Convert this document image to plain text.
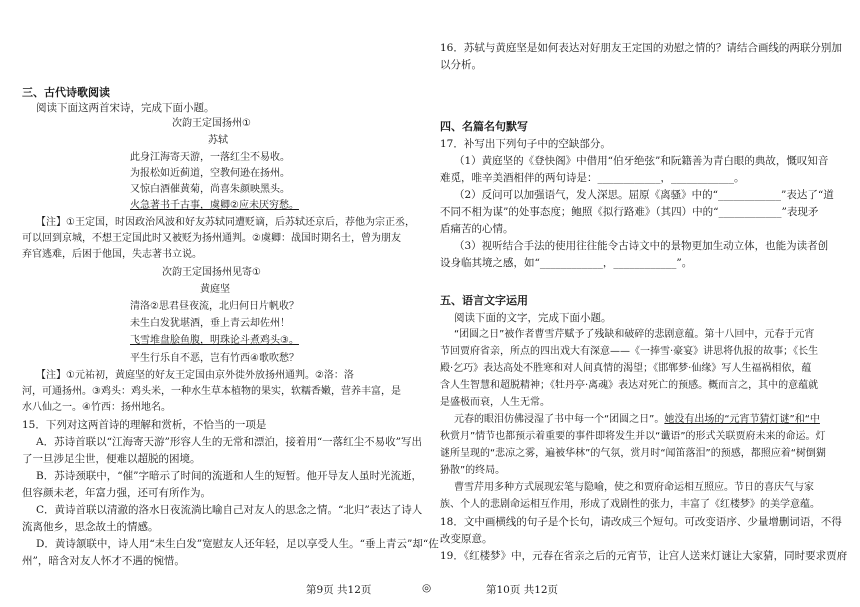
三、古代诗歌阅读
阅读下面这两首宋诗，完成下面小题。
次韵王定国扬州①
苏轼
此身江海寄天游，一落红尘不易收。
为报松如近蓟道，空教何逊在扬州。
又惊白酒催黄菊，尚喜朱颜映黑头。
火急著书千古事，虞卿②应未厌穷愁。
【注】①王定国，时因政治风波和好友苏轼同遭贬谪，后苏轼还京后，荐他为宗正丞，
可以回到京城，不想王定国此时又被贬为扬州通判。②虞卿：战国时期名士，曾为朋友
弃官逃难，后困于他国，失志著书立说。
次韵王定国扬州见寄①
黄庭坚
清洛②思君昼夜流，北归何日片帆收？
未生白发犹堪酒，垂上青云却佐州！
飞雪堆盘脍鱼腹，明珠论斗煮鸡头③。
平生行乐自不恶，岂有竹西④歌吹愁？
【注】①元祐初，黄庭坚的好友王定国由京外徙外放扬州通判。②洛：洛
河，可通扬州。③鸡头：鸡头米，一种水生草本植物的果实，软糯香嫩，营养丰富，是
水八仙之一。④竹西：扬州地名。
15．下列对这两首诗的理解和赏析，不恰当的一项是
A．苏诗首联以“江海寄天游”形容人生的无常和漂泊，接着用“一落红尘不易收”写出
了一旦涉足尘世，便难以超脱的困境。
B．苏诗颈联中，“催”字暗示了时间的流逝和人生的短暂。他开导友人虽时光流逝，
但容颜未老，年富力强，还可有所作为。
C．黄诗首联以清澈的洛水日夜流淌比喻自己对友人的思念之情。“北归”表达了诗人
流离他乡，思念故土的情感。
D．黄诗颔联中，诗人用“未生白发”宽慰友人还年轻，足以享受人生。“垂上青云”却“佐
州”，暗含对友人怀才不遇的惋惜。
第9页 共12页	◎	第10页 共12页
16．苏轼与黄庭坚是如何表达对好朋友王定国的劝慰之情的？请结合画线的两联分别加
以分析。
四、名篇名句默写
17．补写出下列句子中的空缺部分。
（1）黄庭坚的《登快阁》中借用“伯牙绝弦”和阮籍善为青白眼的典故，慨叹知音
难觅，唯辛美酒相伴的两句诗是：____________，____________。
（2）反问可以加强语气，发人深思。屈原《离骚》中的“____________”表达了“道
不同不相为谋”的处事态度；鲍照《拟行路难》（其四）中的“____________”表现矛
盾痛苦的心情。
（3）视听结合手法的使用往往能令古诗文中的景物更加生动立体，也能为读者创
设身临其境之感，如“____________，____________”。
五、语言文字运用
阅读下面的文字，完成下面小题。
“团圆之日”被作者曹雪芹赋予了残缺和破碎的悲剧意蕴。第十八回中，元春于元宵
节回贾府省亲，所点的四出戏大有深意——《一捧雪·豪宴》讲思将仇报的故事；《长生
殿·乞巧》表达高处不胜寒和对人间真情的渴望；《邯郸梦·仙缘》写人生福祸相依，蕴
含人生智慧和超脱精神；《牡丹亭·离魂》表达对死亡的预感。概而言之，其中的意蕴就
是盛极而衰，人生无常。
元春的眼泪仿佛浸湿了书中每一个“团圆之日”。她没有出场的“元宵节猜灯谜”和“中
秋赏月”情节也都预示着重要的事件即将发生并以“谶语”的形式关联贾府未来的命运。灯
谜所呈现的“悲凉之雾，遍被华林”的气氛，赏月时“闻笛落泪”的预感，都照应着“树倒猢
狲散”的终局。
曹雪芹用多种方式展现宏笔与隐喻，使之和贾府命运相互照应。节日的喜庆气与家
族、个人的悲剧命运相互作用，形成了戏剧性的张力，丰富了《红楼梦》的美学意蕴。
18．文中画横线的句子是个长句，请改成三个短句。可改变语序、少量增删词语，不得
改变原意。
19．《红楼梦》中，元春在省亲之后的元宵节，让宫人送来灯谜让大家猜，同时要求贾府
